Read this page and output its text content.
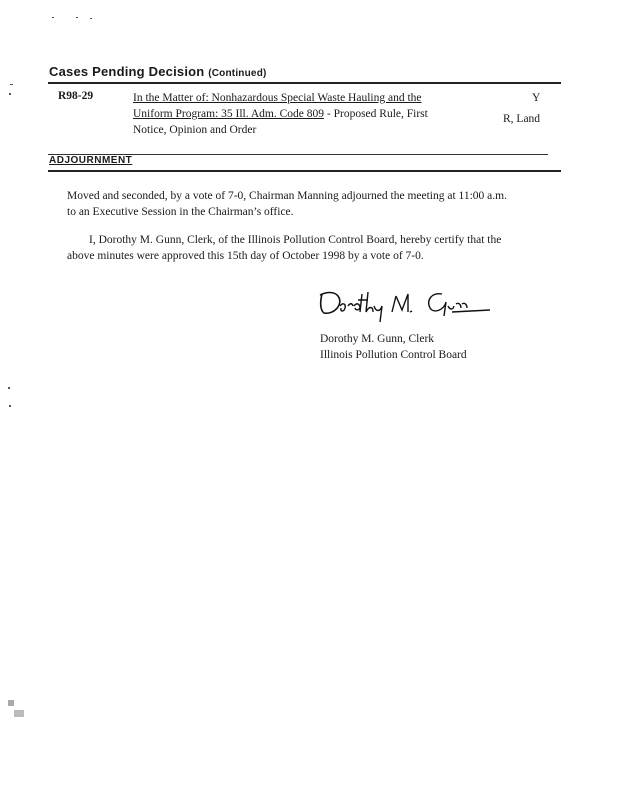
Cases Pending Decision (Continued)
R98-29	In the Matter of: Nonhazardous Special Waste Hauling and the
Uniform Program: 35 Ill. Adm. Code 809 - Proposed Rule, First
Notice, Opinion and Order
Y
R, Land
ADJOURNMENT
Moved and seconded, by a vote of 7-0, Chairman Manning adjourned the meeting at 11:00 a.m.
to an Executive Session in the Chairman’s office.
I, Dorothy M. Gunn, Clerk, of the Illinois Pollution Control Board, hereby certify that the
above minutes were approved this 15th day of October 1998 by a vote of 7-0.
Dorothy M. Gunn, Clerk
Illinois Pollution Control Board
